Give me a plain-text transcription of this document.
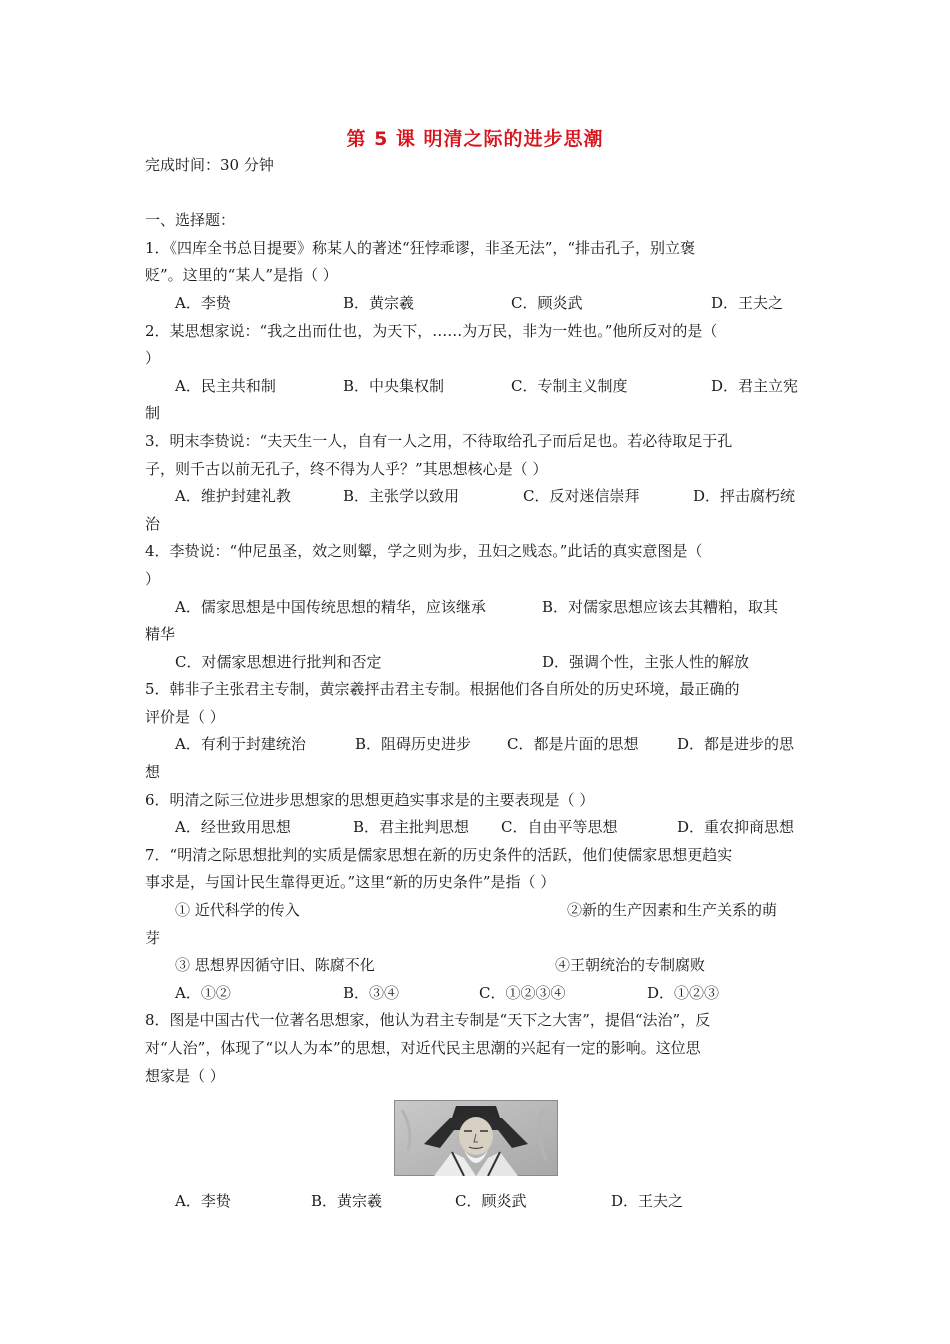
第 5 课 明清之际的进步思潮

完成时间：30 分钟

一、选择题：

1．《四库全书总目提要》称某人的著述“狂悖乖谬，非圣无法”，“排击孔子，别立褒

贬”。这里的“某人”是指（ ）

A．李贽	B．黄宗羲	C．顾炎武	D．王夫之

2．某思想家说：“我之出而仕也，为天下，……为万民，非为一姓也。”他所反对的是（

）

A．民主共和制	B．中央集权制	C．专制主义制度	D．君主立宪

制

3．明末李贽说：“夫天生一人，自有一人之用，不待取给孔子而后足也。若必待取足于孔

子，则千古以前无孔子，终不得为人乎？”其思想核心是（ ）

A．维护封建礼教	B．主张学以致用	C．反对迷信崇拜	D．抨击腐朽统

治

4．李贽说：“仲尼虽圣，效之则颦，学之则为步，丑妇之贱态。”此话的真实意图是（

）

A．儒家思想是中国传统思想的精华，应该继承	B．对儒家思想应该去其糟粕，取其

精华

C．对儒家思想进行批判和否定	D．强调个性，主张人性的解放

5．韩非子主张君主专制，黄宗羲抨击君主专制。根据他们各自所处的历史环境，最正确的

评价是（ ）

A．有利于封建统治	B．阻碍历史进步	C．都是片面的思想	D．都是进步的思

想

6．明清之际三位进步思想家的思想更趋实事求是的主要表现是（ ）

A．经世致用思想	B．君主批判思想	C．自由平等思想	D．重农抑商思想

7．“明清之际思想批判的实质是儒家思想在新的历史条件的活跃，他们使儒家思想更趋实

事求是，与国计民生靠得更近。”这里“新的历史条件”是指（ ）

① 近代科学的传入	②新的生产因素和生产关系的萌

芽

③ 思想界因循守旧、陈腐不化	④王朝统治的专制腐败
A．①②	B．③④	C．①②③④	D．①②③

8．图是中国古代一位著名思想家，他认为君主专制是“天下之大害”，提倡“法治”，反

对“人治”，体现了“以人为本”的思想，对近代民主思潮的兴起有一定的影响。这位思

想家是（ ）

A．李贽	B．黄宗羲	C．顾炎武	D．王夫之
